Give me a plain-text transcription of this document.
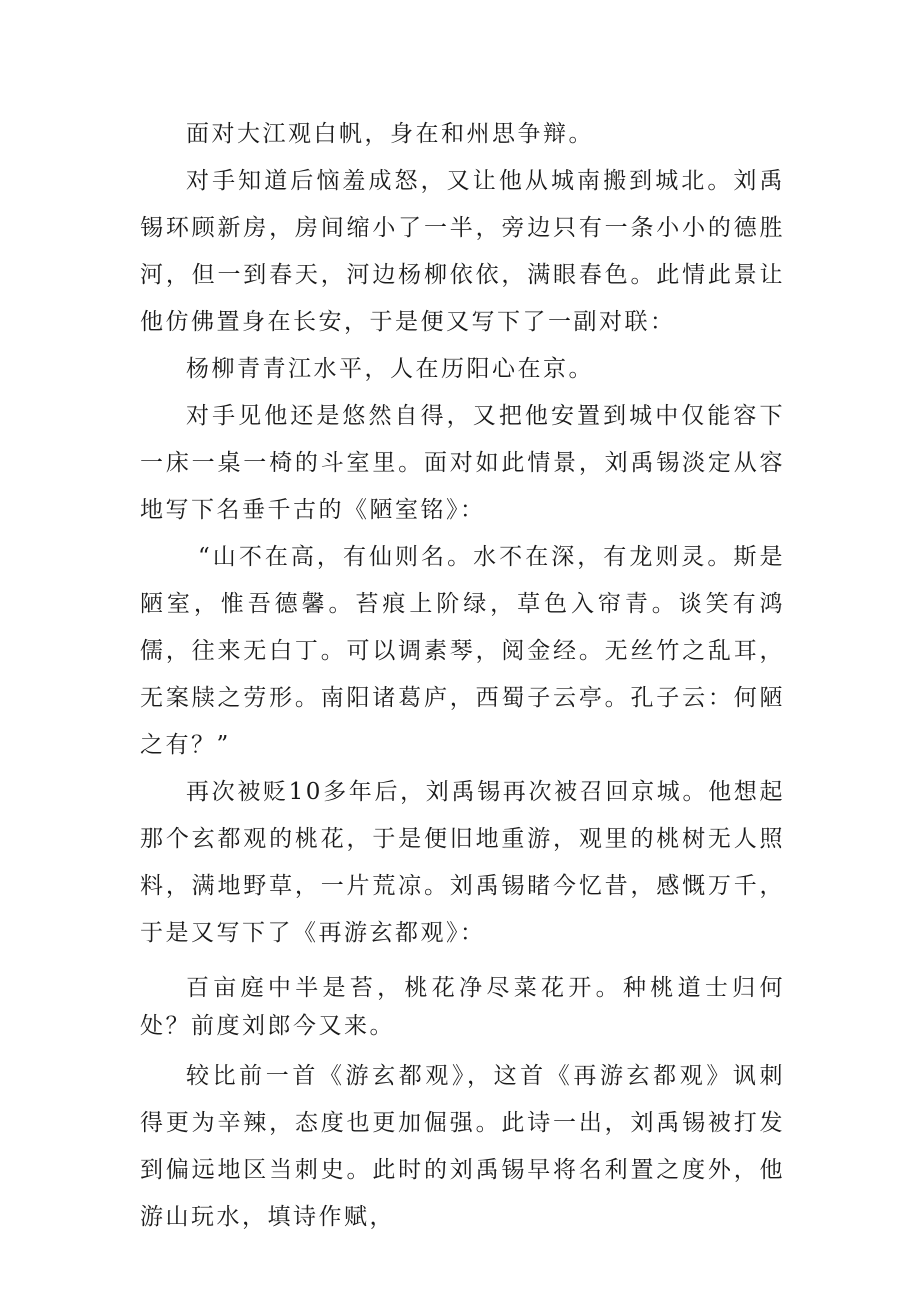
面对大江观白帆，身在和州思争辩。

对手知道后恼羞成怒，又让他从城南搬到城北。刘禹锡环顾新房，房间缩小了一半，旁边只有一条小小的德胜河，但一到春天，河边杨柳依依，满眼春色。此情此景让他仿佛置身在长安，于是便又写下了一副对联：

杨柳青青江水平，人在历阳心在京。

对手见他还是悠然自得，又把他安置到城中仅能容下一床一桌一椅的斗室里。面对如此情景，刘禹锡淡定从容地写下名垂千古的《陋室铭》：

“山不在高，有仙则名。水不在深，有龙则灵。斯是陋室，惟吾德馨。苔痕上阶绿，草色入帘青。谈笑有鸿儒，往来无白丁。可以调素琴，阅金经。无丝竹之乱耳，无案牍之劳形。南阳诸葛庐，西蜀子云亭。孔子云：何陋之有？”

再次被贬10多年后，刘禹锡再次被召回京城。他想起那个玄都观的桃花，于是便旧地重游，观里的桃树无人照料，满地野草，一片荒凉。刘禹锡睹今忆昔，感慨万千，于是又写下了《再游玄都观》：

百亩庭中半是苔，桃花净尽菜花开。种桃道士归何处？前度刘郎今又来。

较比前一首《游玄都观》，这首《再游玄都观》讽刺得更为辛辣，态度也更加倔强。此诗一出，刘禹锡被打发到偏远地区当刺史。此时的刘禹锡早将名利置之度外，他游山玩水，填诗作赋，
